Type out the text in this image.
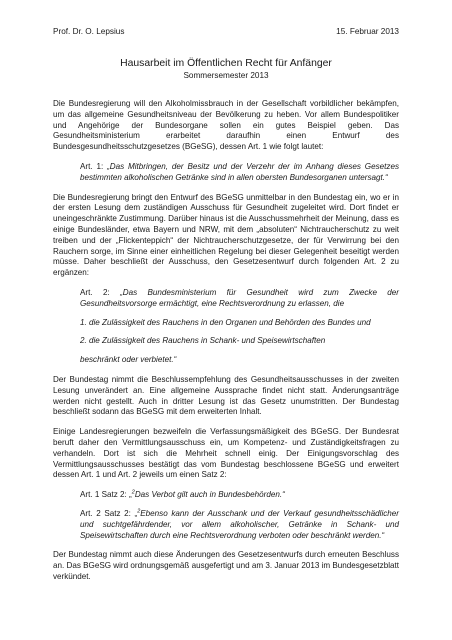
Prof. Dr. O. Lepsius	15. Februar 2013
Hausarbeit im Öffentlichen Recht für Anfänger
Sommersemester 2013

Die Bundesregierung will den Alkoholmissbrauch in der Gesellschaft vorbildlicher bekämpfen, um das allgemeine Gesundheitsniveau der Bevölkerung zu heben. Vor allem Bundespolitiker und Angehörige der Bundesorgane sollen ein gutes Beispiel geben. Das Gesundheitsministerium erarbeitet daraufhin einen Entwurf des Bundesgesundheitsschutzgesetzes (BGeSG), dessen Art. 1 wie folgt lautet:

Art. 1: „Das Mitbringen, der Besitz und der Verzehr der im Anhang dieses Gesetzes bestimmten alkoholischen Getränke sind in allen obersten Bundesorganen untersagt.“

Die Bundesregierung bringt den Entwurf des BGeSG unmittelbar in den Bundestag ein, wo er in der ersten Lesung dem zuständigen Ausschuss für Gesundheit zugeleitet wird. Dort findet er uneingeschränkte Zustimmung. Darüber hinaus ist die Ausschussmehrheit der Meinung, dass es einige Bundesländer, etwa Bayern und NRW, mit dem „absoluten“ Nichtraucherschutz zu weit treiben und der „Flickenteppich“ der Nichtraucherschutzgesetze, der für Verwirrung bei den Rauchern sorge, im Sinne einer einheitlichen Regelung bei dieser Gelegenheit beseitigt werden müsse. Daher beschließt der Ausschuss, den Gesetzesentwurf durch folgenden Art. 2 zu ergänzen:

Art. 2: „Das Bundesministerium für Gesundheit wird zum Zwecke der Gesundheitsvorsorge ermächtigt, eine Rechtsverordnung zu erlassen, die

1. die Zulässigkeit des Rauchens in den Organen und Behörden des Bundes und

2. die Zulässigkeit des Rauchens in Schank- und Speisewirtschaften

beschränkt oder verbietet.“

Der Bundestag nimmt die Beschlussempfehlung des Gesundheitsausschusses in der zweiten Lesung unverändert an. Eine allgemeine Aussprache findet nicht statt. Änderungsanträge werden nicht gestellt. Auch in dritter Lesung ist das Gesetz unumstritten. Der Bundestag beschließt sodann das BGeSG mit dem erweiterten Inhalt.

Einige Landesregierungen bezweifeln die Verfassungsmäßigkeit des BGeSG. Der Bundesrat beruft daher den Vermittlungsausschuss ein, um Kompetenz- und Zuständigkeitsfragen zu verhandeln. Dort ist sich die Mehrheit schnell einig. Der Einigungsvorschlag des Vermittlungsausschusses bestätigt das vom Bundestag beschlossene BGeSG und erweitert dessen Art. 1 und Art. 2 jeweils um einen Satz 2:

Art. 1 Satz 2: „$^2$Das Verbot gilt auch in Bundesbehörden.“

Art. 2 Satz 2: „$^2$Ebenso kann der Ausschank und der Verkauf gesundheitsschädlicher und suchtgefährdender, vor allem alkoholischer, Getränke in Schank- und Speisewirtschaften durch eine Rechtsverordnung verboten oder beschränkt werden.“

Der Bundestag nimmt auch diese Änderungen des Gesetzesentwurfs durch erneuten Beschluss an. Das BGeSG wird ordnungsgemäß ausgefertigt und am 3. Januar 2013 im Bundesgesetzblatt verkündet.
